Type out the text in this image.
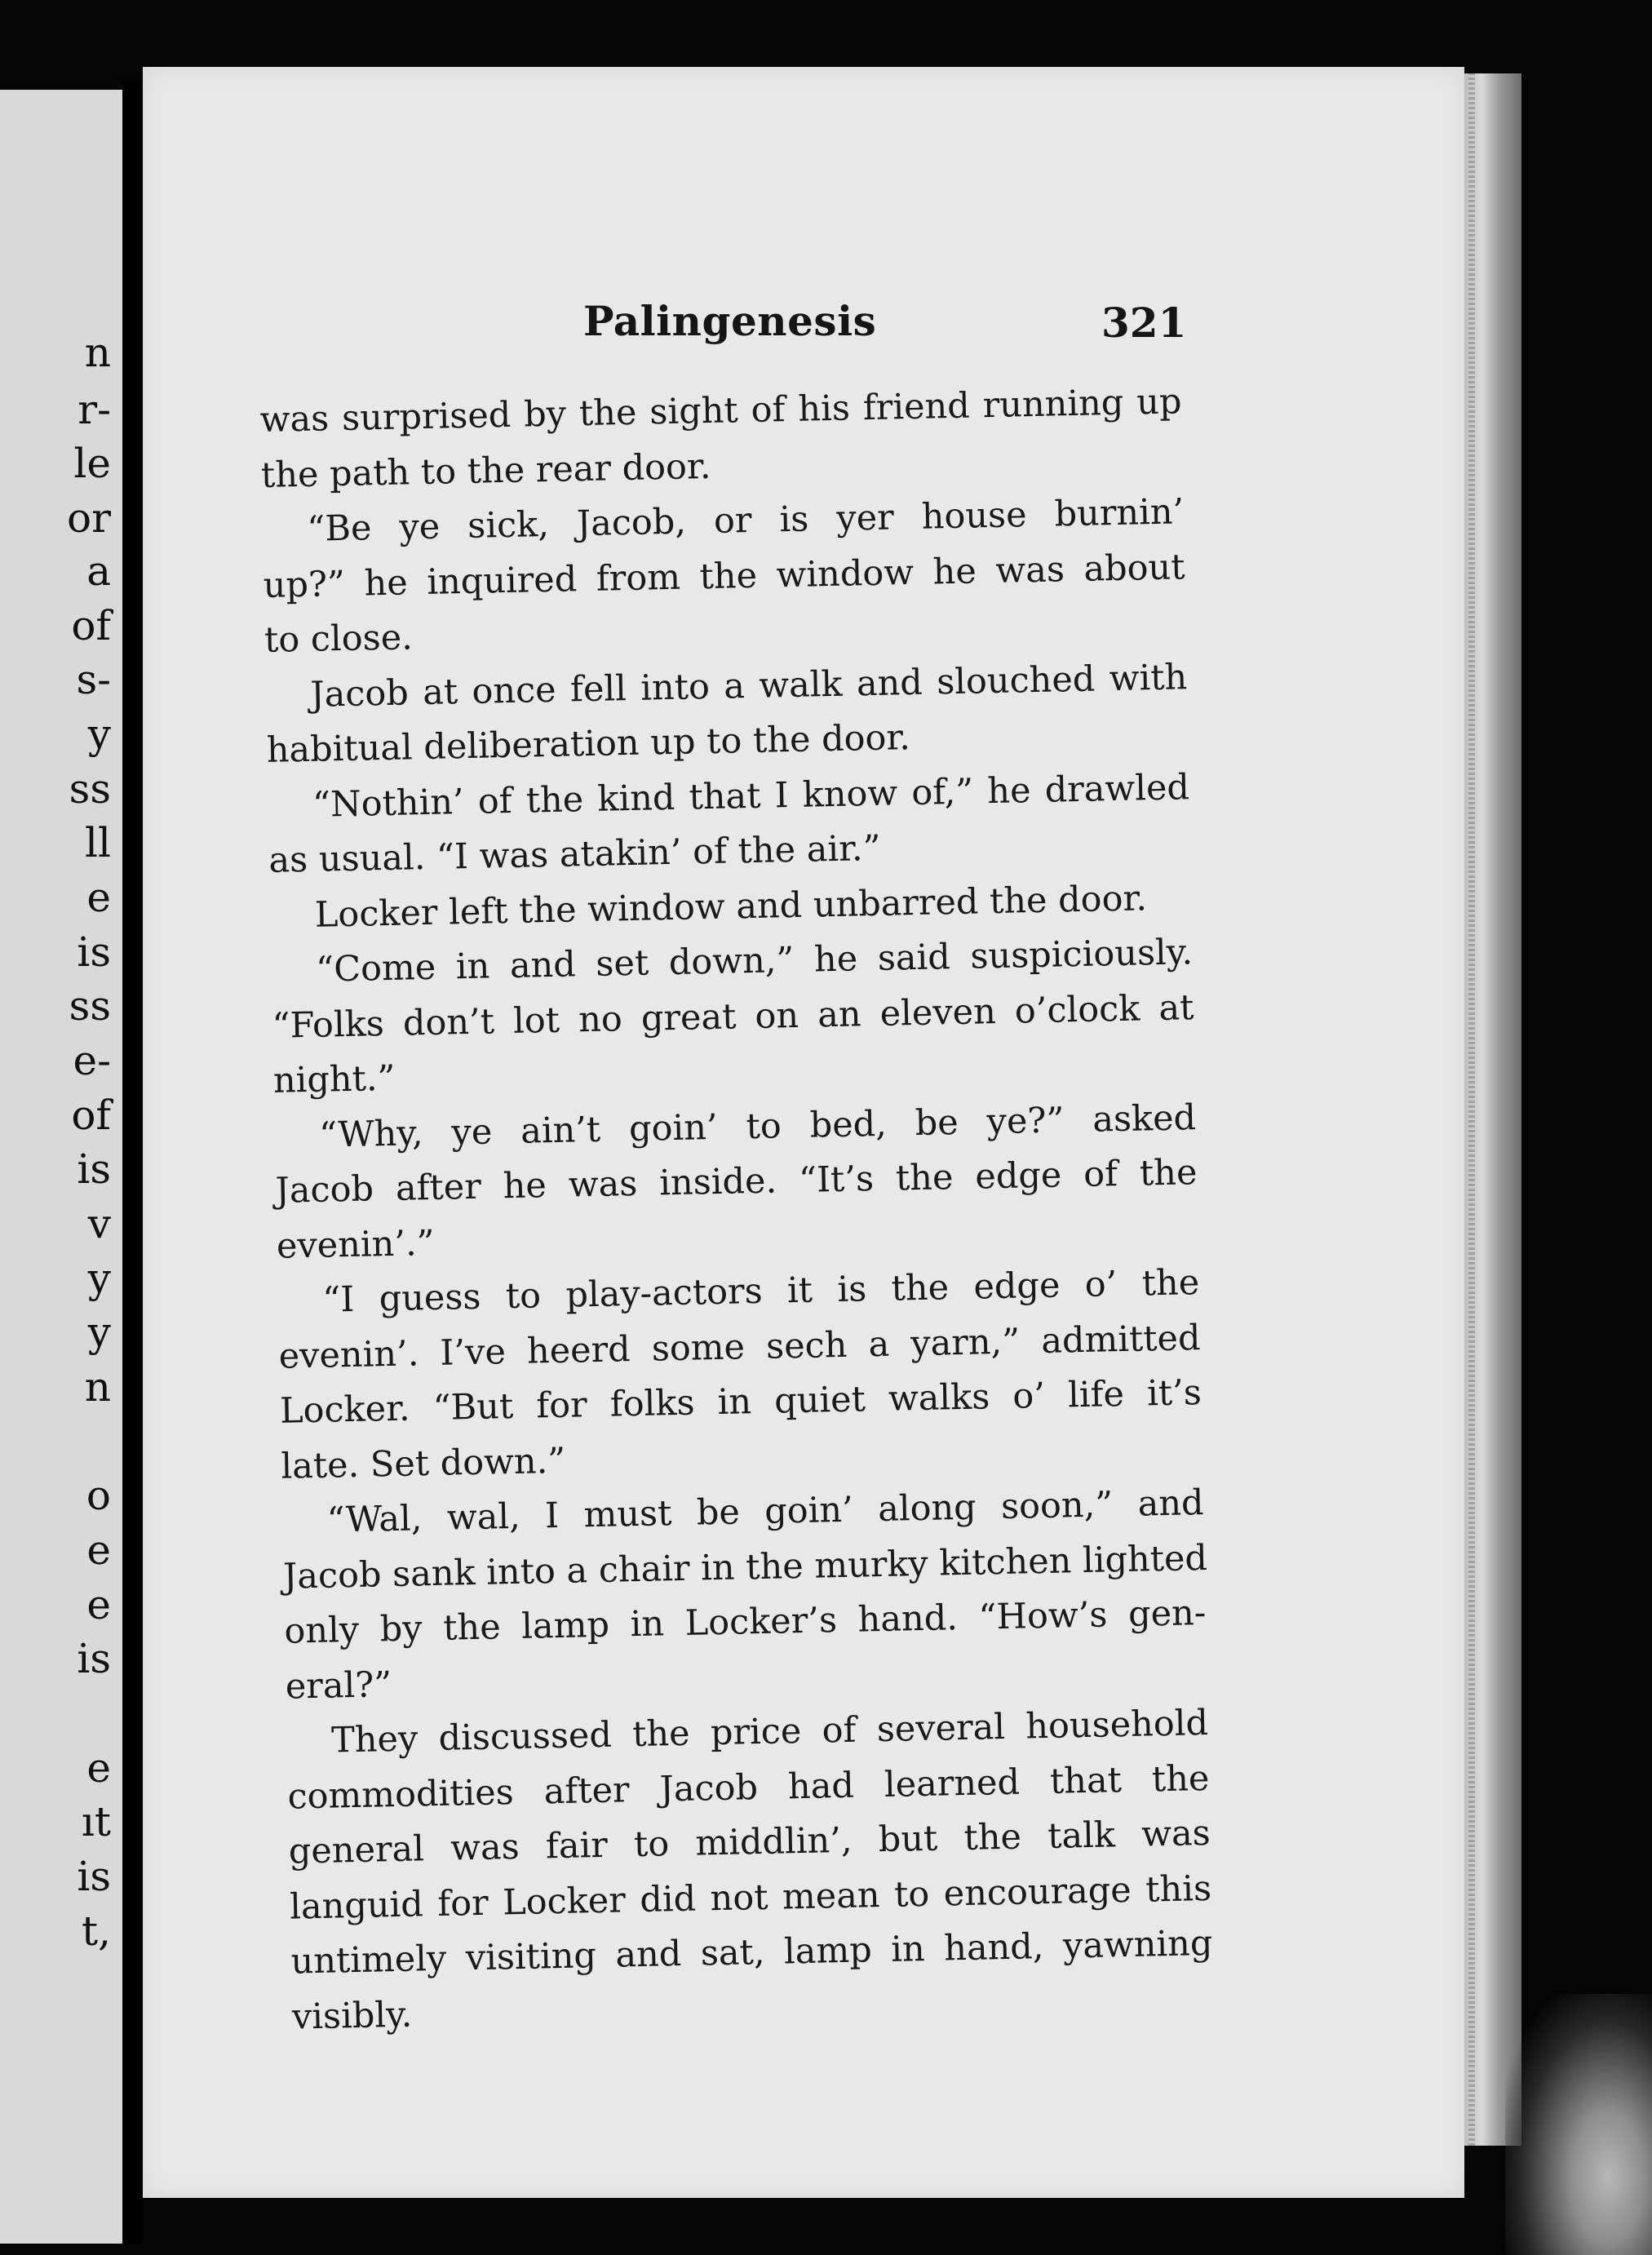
n
r-
le
or
a
of
s-
y
ss
ll
e
is
ss
e-
of
is
v
y
y
n
o
e
e
is
e
ıt
is
t,
Palingenesis	321
was surprised by the sight of his friend running up
the path to the rear door.
“Be ye sick, Jacob, or is yer house burnin’
up?” he inquired from the window he was about
to close.
Jacob at once fell into a walk and slouched with
habitual deliberation up to the door.
“Nothin’ of the kind that I know of,” he drawled
as usual. “I was atakin’ of the air.”
Locker left the window and unbarred the door.
“Come in and set down,” he said suspiciously.
“Folks don’t lot no great on an eleven o’clock at
night.”
“Why, ye ain’t goin’ to bed, be ye?” asked
Jacob after he was inside. “It’s the edge of the
evenin’.”
“I guess to play-actors it is the edge o’ the
evenin’. I’ve heerd some sech a yarn,” admitted
Locker. “But for folks in quiet walks o’ life it’s
late. Set down.”
“Wal, wal, I must be goin’ along soon,” and
Jacob sank into a chair in the murky kitchen lighted
only by the lamp in Locker’s hand. “How’s gen-
eral?”
They discussed the price of several household
commodities after Jacob had learned that the
general was fair to middlin’, but the talk was
languid for Locker did not mean to encourage this
untimely visiting and sat, lamp in hand, yawning
visibly.
